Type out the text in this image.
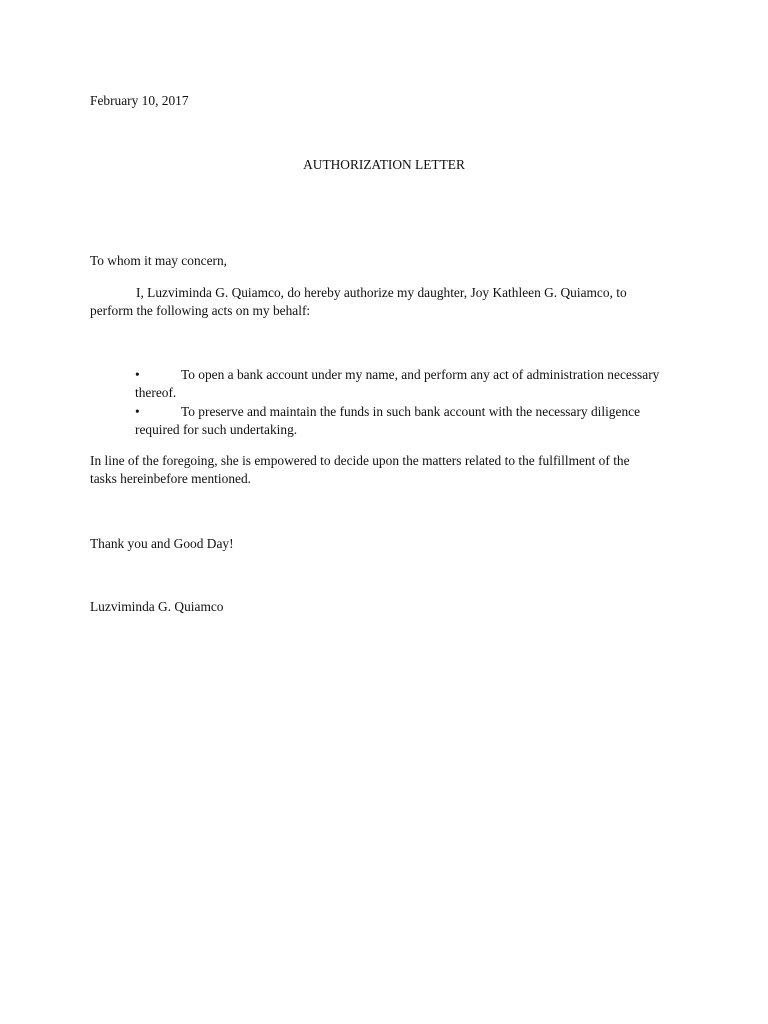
February 10, 2017
AUTHORIZATION LETTER
To whom it may concern,
I, Luzviminda G. Quiamco, do hereby authorize my daughter, Joy Kathleen G. Quiamco, to
perform the following acts on my behalf:
•	To open a bank account under my name, and perform any act of administration necessary thereof.
•	To preserve and maintain the funds in such bank account with the necessary diligence required for such undertaking.
In line of the foregoing, she is empowered to decide upon the matters related to the fulfillment of the tasks hereinbefore mentioned.
Thank you and Good Day!
Luzviminda G. Quiamco
